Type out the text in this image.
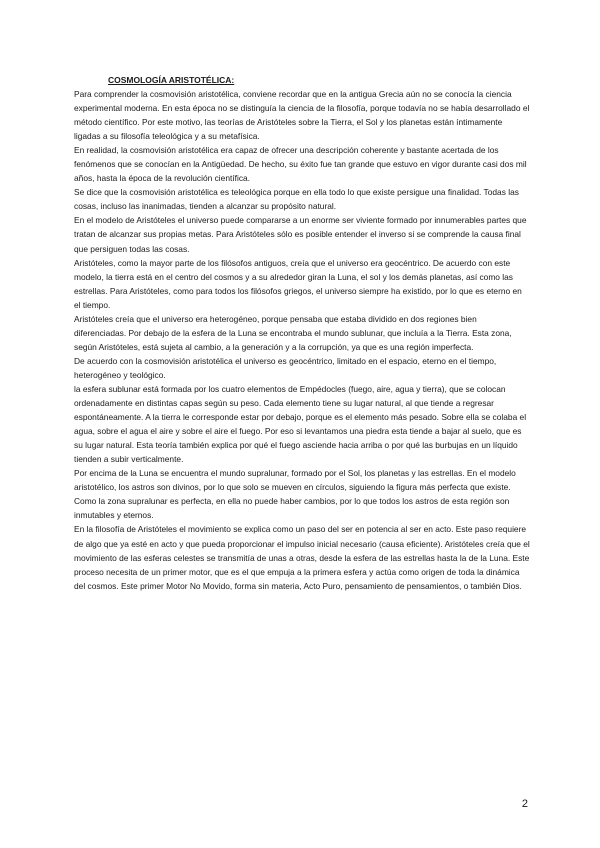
COSMOLOGÍA ARISTOTÉLICA:

Para comprender la cosmovisión aristotélica, conviene recordar que en la antigua Grecia aún no se conocía la ciencia experimental moderna. En esta época no se distinguía la ciencia de la filosofía, porque todavía no se había desarrollado el método científico. Por este motivo, las teorías de Aristóteles sobre la Tierra, el Sol y los planetas están íntimamente ligadas a su filosofía teleológica y a su metafísica.

En realidad, la cosmovisión aristotélica era capaz de ofrecer una descripción coherente y bastante acertada de los fenómenos que se conocían en la Antigüedad. De hecho, su éxito fue tan grande que estuvo en vigor durante casi dos mil años, hasta la época de la revolución científica.

Se dice que la cosmovisión aristotélica es teleológica porque en ella todo lo que existe persigue una finalidad. Todas las cosas, incluso las inanimadas, tienden a alcanzar su propósito natural.

En el modelo de Aristóteles el universo puede compararse a un enorme ser viviente formado por innumerables partes que tratan de alcanzar sus propias metas. Para Aristóteles sólo es posible entender el inverso si se comprende la causa final que persiguen todas las cosas.

Aristóteles, como la mayor parte de los filósofos antiguos, creía que el universo era geocéntrico. De acuerdo con este modelo, la tierra está en el centro del cosmos y a su alrededor giran la Luna, el sol y los demás planetas, así como las estrellas. Para Aristóteles, como para todos los filósofos griegos, el universo siempre ha existido, por lo que es eterno en el tiempo.

Aristóteles creía que el universo era heterogéneo, porque pensaba que estaba dividido en dos regiones bien diferenciadas. Por debajo de la esfera de la Luna se encontraba el mundo sublunar, que incluía a la Tierra. Esta zona, según Aristóteles, está sujeta al cambio, a la generación y a la corrupción, ya que es una región imperfecta.

De acuerdo con la cosmovisión aristotélica el universo es geocéntrico, limitado en el espacio, eterno en el tiempo, heterogéneo y teológico.

la esfera sublunar está formada por los cuatro elementos de Empédocles (fuego, aire, agua y tierra), que se colocan ordenadamente en distintas capas según su peso. Cada elemento tiene su lugar natural, al que tiende a regresar espontáneamente. A la tierra le corresponde estar por debajo, porque es el elemento más pesado. Sobre ella se colaba el agua, sobre el agua el aire y sobre el aire el fuego. Por eso si levantamos una piedra esta tiende a bajar al suelo, que es su lugar natural. Esta teoría también explica por qué el fuego asciende hacia arriba o por qué las burbujas en un líquido tienden a subir verticalmente.

Por encima de la Luna se encuentra el mundo supralunar, formado por el Sol, los planetas y las estrellas. En el modelo aristotélico, los astros son divinos, por lo que solo se mueven en círculos, siguiendo la figura más perfecta que existe. Como la zona supralunar es perfecta, en ella no puede haber cambios, por lo que todos los astros de esta región son inmutables y eternos.

En la filosofía de Aristóteles el movimiento se explica como un paso del ser en potencia al ser en acto. Este paso requiere de algo que ya esté en acto y que pueda proporcionar el impulso inicial necesario (causa eficiente). Aristóteles creía que el movimiento de las esferas celestes se transmitía de unas a otras, desde la esfera de las estrellas hasta la de la Luna. Este proceso necesita de un primer motor, que es el que empuja a la primera esfera y actúa como origen de toda la dinámica del cosmos. Este primer Motor No Movido, forma sin materia, Acto Puro, pensamiento de pensamientos, o también Dios.

2
